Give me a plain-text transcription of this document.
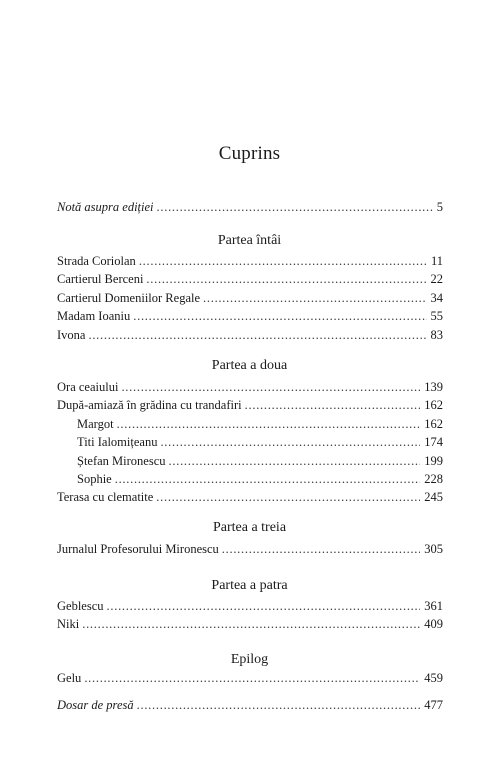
Cuprins
Notă asupra ediției . . .	5
Partea întâi
Strada Coriolan . . .	11
Cartierul Berceni . . .	22
Cartierul Domeniilor Regale . . .	34
Madam Ioaniu . . .	55
Ivona . . .	83
Partea a doua
Ora ceaiului . . .	139
După-amiază în grădina cu trandafiri . . .	162
Margot . . .	162
Titi Ialomițeanu . . .	174
Ștefan Mironescu . . .	199
Sophie . . .	228
Terasa cu clematite . . .	245
Partea a treia
Jurnalul Profesorului Mironescu . . .	305
Partea a patra
Geblescu . . .	361
Niki . . .	409
Epilog
Gelu . . .	459
Dosar de presă . . .	477
